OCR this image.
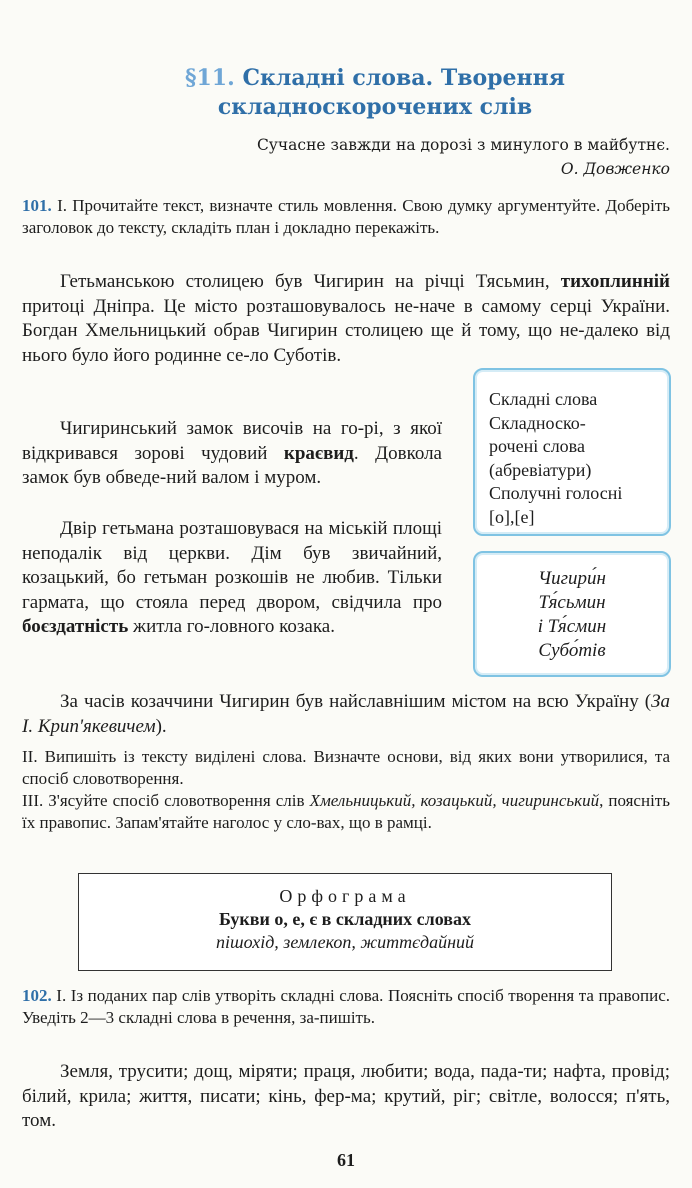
§11. Складні слова. Творення
складноскорочених слів
Сучасне завжди на дорозі з минулого в майбутнє.
О. Довженко
101. І. Прочитайте текст, визначте стиль мовлення. Свою думку аргументуйте. Доберіть заголовок до тексту, складіть план і докладно перекажіть.
Гетьманською столицею був Чигирин на річці Тясьмин, тихоплинній притоці Дніпра. Це місто розташовувалось не-наче в самому серці України. Богдан Хмельницький обрав Чигирин столицею ще й тому, що не-далеко від нього було його родинне се-ло Суботів.
Чигиринський замок височів на го-рі, з якої відкривався зорові чудовий краєвид. Довкола замок був обведе-ний валом і муром.
Двір гетьмана розташовувася на міській площі неподалік від церкви. Дім був звичайний, козацький, бо гетьман розкошів не любив. Тільки гармата, що стояла перед двором, свідчила про боєздатність житла го-ловного козака.
За часів козаччини Чигирин був найславнішим містом на всю Україну (За І. Крип'якевичем).
Складні слова
Складноско-
рочені слова
(абревіатури)
Сполучні голосні
[о],[е]
Чигири́н
Тя́сьмин
і Тя́смин
Субо́тів
ІІ. Випишіть із тексту виділені слова. Визначте основи, від яких вони утворилися, та спосіб словотворення.
ІІІ. З'ясуйте спосіб словотворення слів Хмельницький, козацький, чигиринський, поясніть їх правопис. Запам'ятайте наголос у сло-вах, що в рамці.
Орфограма
Букви о, е, є в складних словах
пішохід, землекоп, життєдайний
102. І. Із поданих пар слів утворіть складні слова. Поясніть спосіб творення та правопис. Уведіть 2—3 складні слова в речення, за-пишіть.
Земля, трусити; дощ, міряти; праця, любити; вода, пада-ти; нафта, провід; білий, крила; життя, писати; кінь, фер-ма; крутий, ріг; світле, волосся; п'ять, том.
61
